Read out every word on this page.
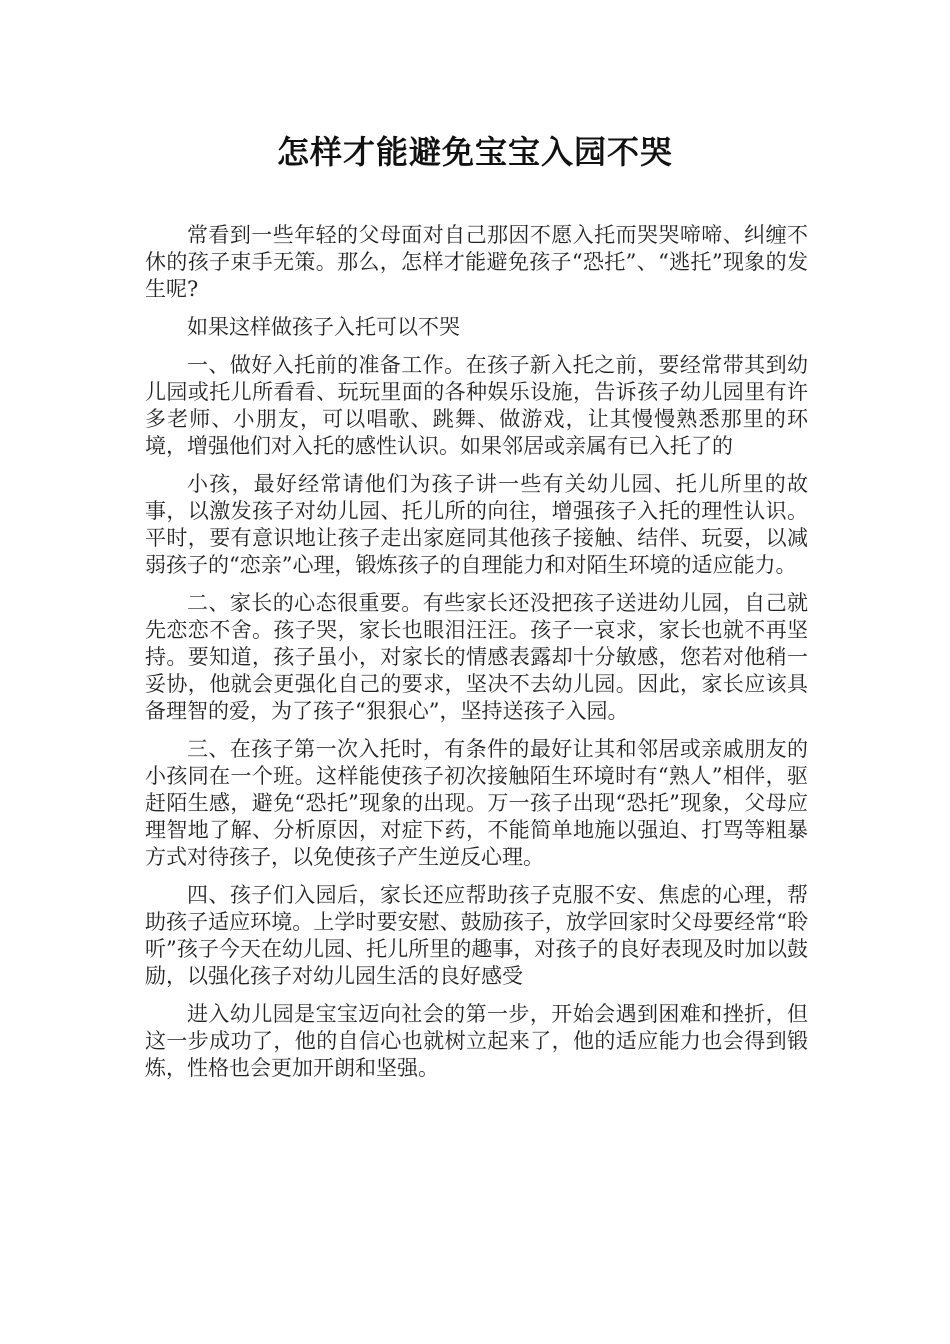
怎样才能避免宝宝入园不哭

常看到一些年轻的父母面对自己那因不愿入托而哭哭啼啼、纠缠不休的孩子束手无策。那么，怎样才能避免孩子“恐托”、“逃托”现象的发生呢?

如果这样做孩子入托可以不哭

一、做好入托前的准备工作。在孩子新入托之前，要经常带其到幼儿园或托儿所看看、玩玩里面的各种娱乐设施，告诉孩子幼儿园里有许多老师、小朋友，可以唱歌、跳舞、做游戏，让其慢慢熟悉那里的环境，增强他们对入托的感性认识。如果邻居或亲属有已入托了的

小孩，最好经常请他们为孩子讲一些有关幼儿园、托儿所里的故事，以激发孩子对幼儿园、托儿所的向往，增强孩子入托的理性认识。平时，要有意识地让孩子走出家庭同其他孩子接触、结伴、玩耍，以减弱孩子的“恋亲”心理，锻炼孩子的自理能力和对陌生环境的适应能力。

二、家长的心态很重要。有些家长还没把孩子送进幼儿园，自己就先恋恋不舍。孩子哭，家长也眼泪汪汪。孩子一哀求，家长也就不再坚持。要知道，孩子虽小，对家长的情感表露却十分敏感，您若对他稍一妥协，他就会更强化自己的要求，坚决不去幼儿园。因此，家长应该具备理智的爱，为了孩子“狠狠心”，坚持送孩子入园。

三、在孩子第一次入托时，有条件的最好让其和邻居或亲戚朋友的小孩同在一个班。这样能使孩子初次接触陌生环境时有“熟人”相伴，驱赶陌生感，避免“恐托”现象的出现。万一孩子出现“恐托”现象，父母应理智地了解、分析原因，对症下药，不能简单地施以强迫、打骂等粗暴方式对待孩子，以免使孩子产生逆反心理。

四、孩子们入园后，家长还应帮助孩子克服不安、焦虑的心理，帮助孩子适应环境。上学时要安慰、鼓励孩子，放学回家时父母要经常“聆听”孩子今天在幼儿园、托儿所里的趣事，对孩子的良好表现及时加以鼓励，以强化孩子对幼儿园生活的良好感受

进入幼儿园是宝宝迈向社会的第一步，开始会遇到困难和挫折，但这一步成功了，他的自信心也就树立起来了，他的适应能力也会得到锻炼，性格也会更加开朗和坚强。
